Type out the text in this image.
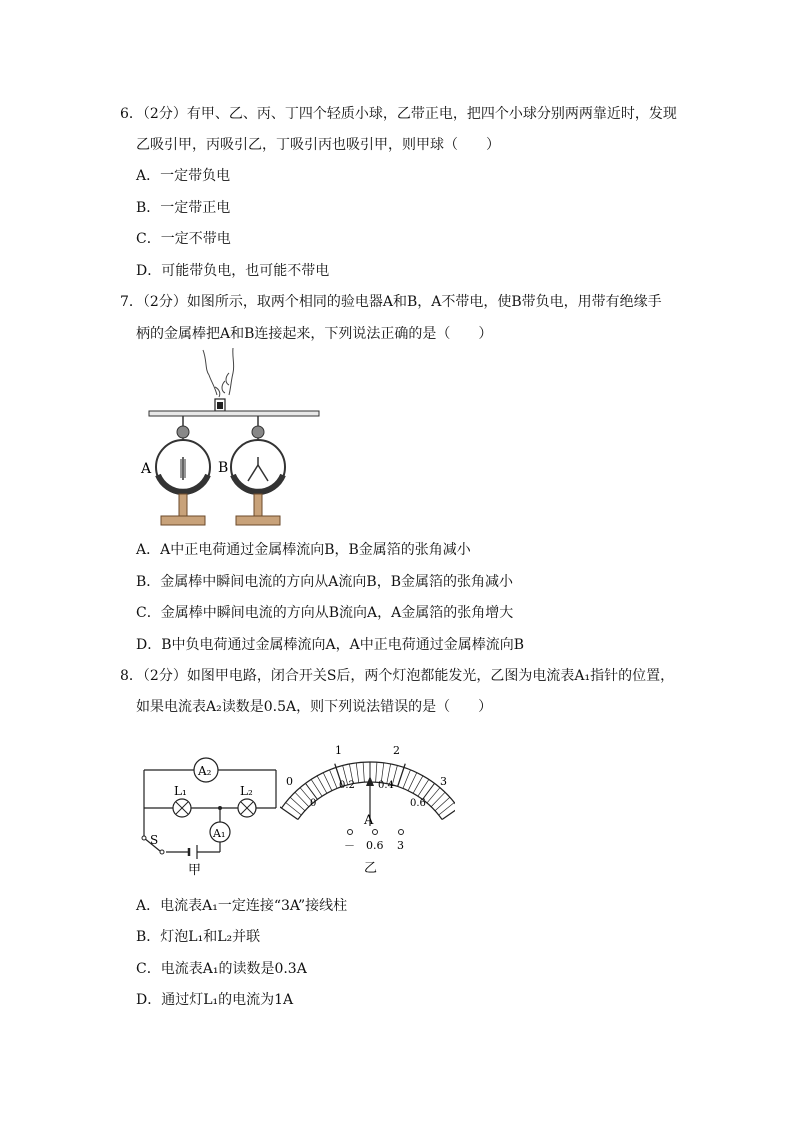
6．（2分）有甲、乙、丙、丁四个轻质小球，乙带正电，把四个小球分别两两靠近时，发现
乙吸引甲，丙吸引乙，丁吸引丙也吸引甲，则甲球（　　）
A．一定带负电
B．一定带正电
C．一定不带电
D．可能带负电，也可能不带电
7．（2分）如图所示，取两个相同的验电器A和B，A不带电，使B带负电，用带有绝缘手
柄的金属棒把A和B连接起来，下列说法正确的是（　　）
A	B
A．A中正电荷通过金属棒流向B，B金属箔的张角减小
B．金属棒中瞬间电流的方向从A流向B，B金属箔的张角减小
C．金属棒中瞬间电流的方向从B流向A，A金属箔的张角增大
D．B中负电荷通过金属棒流向A，A中正电荷通过金属棒流向B
8．（2分）如图甲电路，闭合开关S后，两个灯泡都能发光，乙图为电流表A₁指针的位置，
如果电流表A₂读数是0.5A，则下列说法错误的是（　　）
A₂
L₁	L₂
A₁
S
甲
0
1	2
3
0
0.2 0.4
0.6
A
－ 0.6 3
乙
A．电流表A₁一定连接“3A”接线柱
B．灯泡L₁和L₂并联
C．电流表A₁的读数是0.3A
D．通过灯L₁的电流为1A
